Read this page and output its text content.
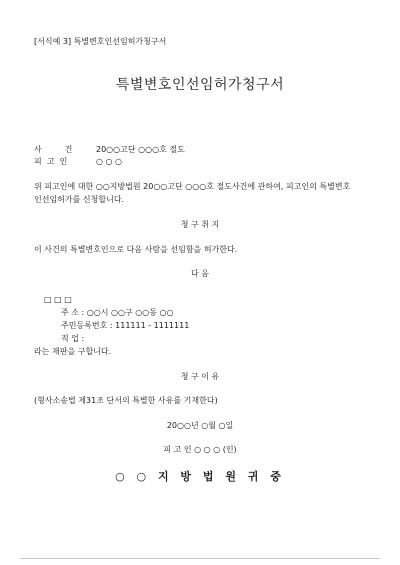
[서식예 3] 특별변호인선임허가청구서
특별변호인선임허가청구서
사         건	20○○고단 ○○○호 절도
피  고  인	○ ○ ○
위 피고인에 대한 ○○지방법원 20○○고단 ○○○호 절도사건에 관하여, 피고인의 특별변호
인선임허가를 신청합니다.
청 구 취 지
이 사건의 특별변호인으로 다음 사람을 선임함을 허가한다.
다 음
□ □ □
주 소 : ○○시 ○○구 ○○동 ○○
주민등록번호 : 111111 - 1111111
직 업 :
라는 재판을 구합니다.
청 구 이 유
(형사소송법 제31조 단서의 특별한 사유를 기재한다)
20○○년 ○월 ○일
피 고 인 ○ ○ ○ (인)
○ ○ 지 방 법 원 귀 중
